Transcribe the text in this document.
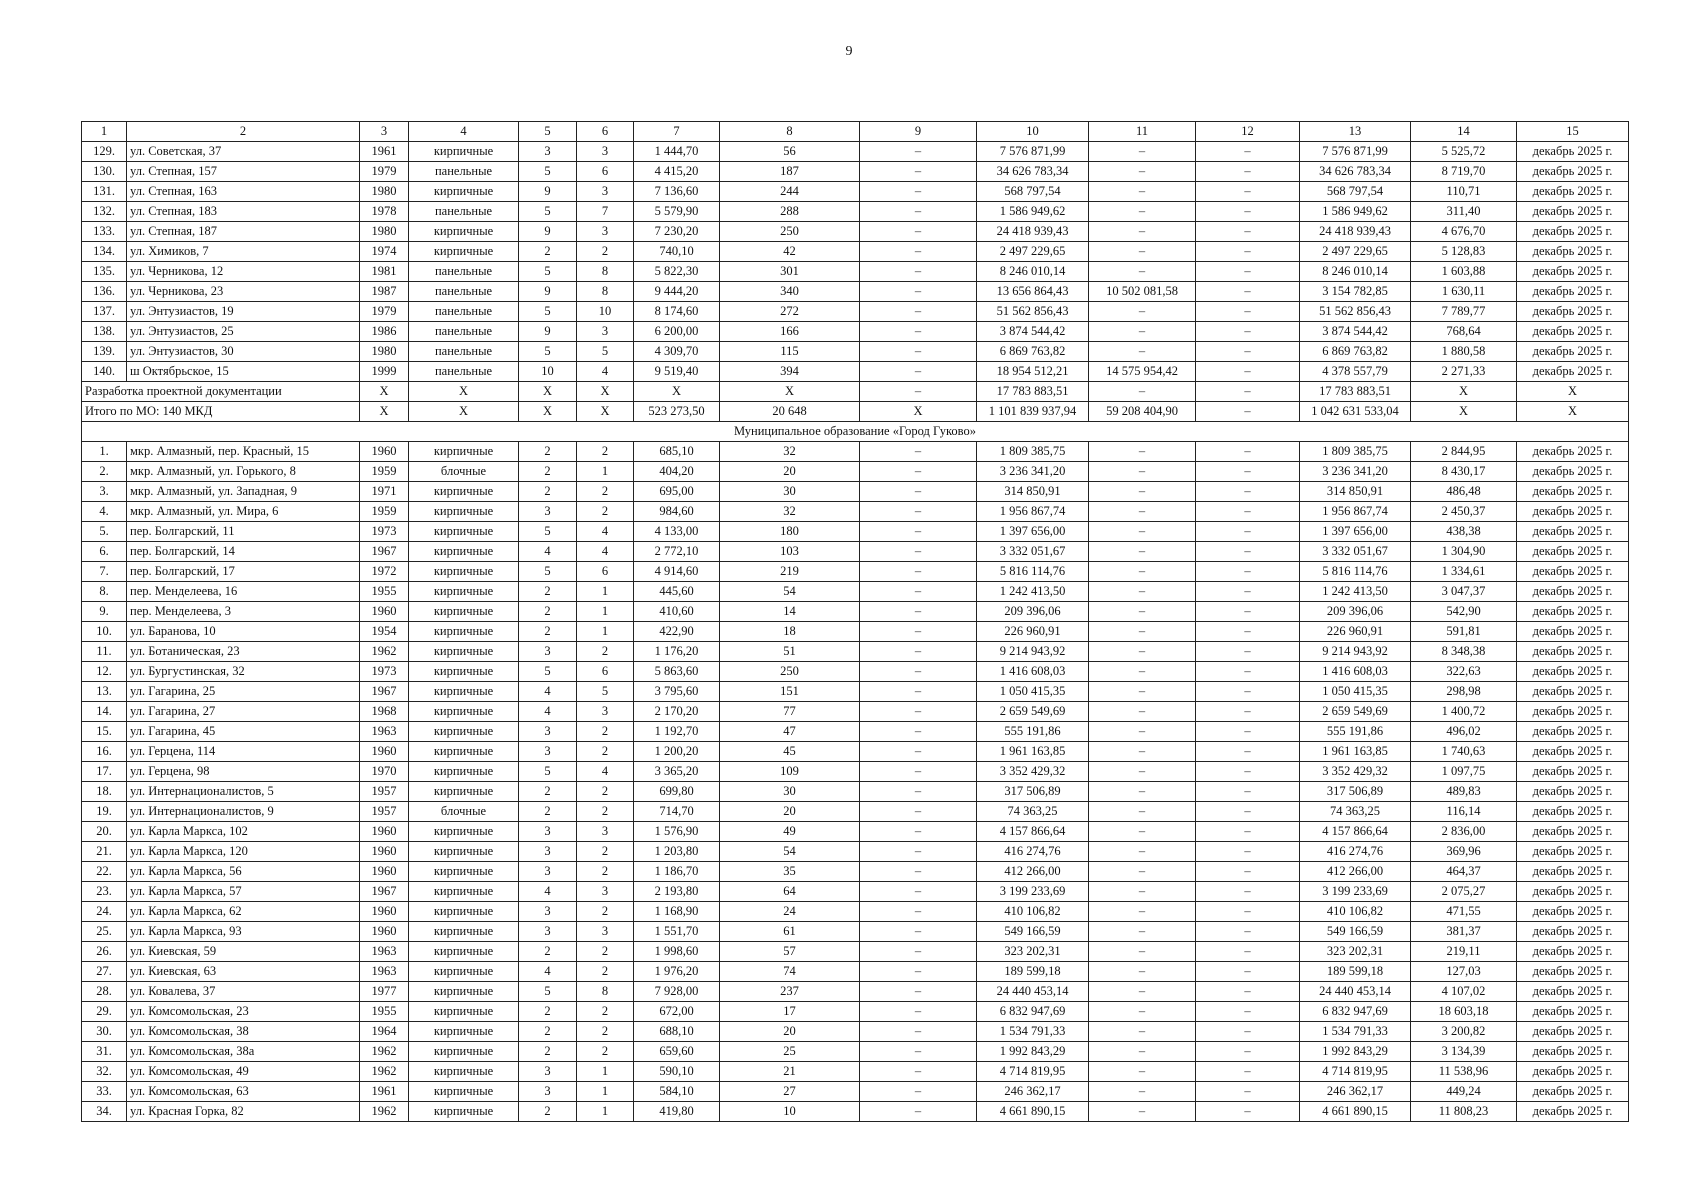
9
1	2	3	4	5	6	7	8	9	10	11	12	13	14	15
129.	ул. Советская, 37	1961	кирпичные	3	3	1 444,70	56	–	7 576 871,99	–	–	7 576 871,99	5 525,72	декабрь 2025 г.
130.	ул. Степная, 157	1979	панельные	5	6	4 415,20	187	–	34 626 783,34	–	–	34 626 783,34	8 719,70	декабрь 2025 г.
131.	ул. Степная, 163	1980	кирпичные	9	3	7 136,60	244	–	568 797,54	–	–	568 797,54	110,71	декабрь 2025 г.
132.	ул. Степная, 183	1978	панельные	5	7	5 579,90	288	–	1 586 949,62	–	–	1 586 949,62	311,40	декабрь 2025 г.
133.	ул. Степная, 187	1980	кирпичные	9	3	7 230,20	250	–	24 418 939,43	–	–	24 418 939,43	4 676,70	декабрь 2025 г.
134.	ул. Химиков, 7	1974	кирпичные	2	2	740,10	42	–	2 497 229,65	–	–	2 497 229,65	5 128,83	декабрь 2025 г.
135.	ул. Черникова, 12	1981	панельные	5	8	5 822,30	301	–	8 246 010,14	–	–	8 246 010,14	1 603,88	декабрь 2025 г.
136.	ул. Черникова, 23	1987	панельные	9	8	9 444,20	340	–	13 656 864,43	10 502 081,58	–	3 154 782,85	1 630,11	декабрь 2025 г.
137.	ул. Энтузиастов, 19	1979	панельные	5	10	8 174,60	272	–	51 562 856,43	–	–	51 562 856,43	7 789,77	декабрь 2025 г.
138.	ул. Энтузиастов, 25	1986	панельные	9	3	6 200,00	166	–	3 874 544,42	–	–	3 874 544,42	768,64	декабрь 2025 г.
139.	ул. Энтузиастов, 30	1980	панельные	5	5	4 309,70	115	–	6 869 763,82	–	–	6 869 763,82	1 880,58	декабрь 2025 г.
140.	ш Октябрьское, 15	1999	панельные	10	4	9 519,40	394	–	18 954 512,21	14 575 954,42	–	4 378 557,79	2 271,33	декабрь 2025 г.
Разработка проектной документации		X	X	X	X	X	X	–	17 783 883,51	–	–	17 783 883,51	X	X
Итого по МО: 140 МКД		X	X	X	X	523 273,50	20 648	X	1 101 839 937,94	59 208 404,90	–	1 042 631 533,04	X	X
Муниципальное образование «Город Гуково»														
1.	мкр. Алмазный, пер. Красный, 15	1960	кирпичные	2	2	685,10	32	–	1 809 385,75	–	–	1 809 385,75	2 844,95	декабрь 2025 г.
2.	мкр. Алмазный, ул. Горького, 8	1959	блочные	2	1	404,20	20	–	3 236 341,20	–	–	3 236 341,20	8 430,17	декабрь 2025 г.
3.	мкр. Алмазный, ул. Западная, 9	1971	кирпичные	2	2	695,00	30	–	314 850,91	–	–	314 850,91	486,48	декабрь 2025 г.
4.	мкр. Алмазный, ул. Мира, 6	1959	кирпичные	3	2	984,60	32	–	1 956 867,74	–	–	1 956 867,74	2 450,37	декабрь 2025 г.
5.	пер. Болгарский, 11	1973	кирпичные	5	4	4 133,00	180	–	1 397 656,00	–	–	1 397 656,00	438,38	декабрь 2025 г.
6.	пер. Болгарский, 14	1967	кирпичные	4	4	2 772,10	103	–	3 332 051,67	–	–	3 332 051,67	1 304,90	декабрь 2025 г.
7.	пер. Болгарский, 17	1972	кирпичные	5	6	4 914,60	219	–	5 816 114,76	–	–	5 816 114,76	1 334,61	декабрь 2025 г.
8.	пер. Менделеева, 16	1955	кирпичные	2	1	445,60	54	–	1 242 413,50	–	–	1 242 413,50	3 047,37	декабрь 2025 г.
9.	пер. Менделеева, 3	1960	кирпичные	2	1	410,60	14	–	209 396,06	–	–	209 396,06	542,90	декабрь 2025 г.
10.	ул. Баранова, 10	1954	кирпичные	2	1	422,90	18	–	226 960,91	–	–	226 960,91	591,81	декабрь 2025 г.
11.	ул. Ботаническая, 23	1962	кирпичные	3	2	1 176,20	51	–	9 214 943,92	–	–	9 214 943,92	8 348,38	декабрь 2025 г.
12.	ул. Бургустинская, 32	1973	кирпичные	5	6	5 863,60	250	–	1 416 608,03	–	–	1 416 608,03	322,63	декабрь 2025 г.
13.	ул. Гагарина, 25	1967	кирпичные	4	5	3 795,60	151	–	1 050 415,35	–	–	1 050 415,35	298,98	декабрь 2025 г.
14.	ул. Гагарина, 27	1968	кирпичные	4	3	2 170,20	77	–	2 659 549,69	–	–	2 659 549,69	1 400,72	декабрь 2025 г.
15.	ул. Гагарина, 45	1963	кирпичные	3	2	1 192,70	47	–	555 191,86	–	–	555 191,86	496,02	декабрь 2025 г.
16.	ул. Герцена, 114	1960	кирпичные	3	2	1 200,20	45	–	1 961 163,85	–	–	1 961 163,85	1 740,63	декабрь 2025 г.
17.	ул. Герцена, 98	1970	кирпичные	5	4	3 365,20	109	–	3 352 429,32	–	–	3 352 429,32	1 097,75	декабрь 2025 г.
18.	ул. Интернационалистов, 5	1957	кирпичные	2	2	699,80	30	–	317 506,89	–	–	317 506,89	489,83	декабрь 2025 г.
19.	ул. Интернационалистов, 9	1957	блочные	2	2	714,70	20	–	74 363,25	–	–	74 363,25	116,14	декабрь 2025 г.
20.	ул. Карла Маркса, 102	1960	кирпичные	3	3	1 576,90	49	–	4 157 866,64	–	–	4 157 866,64	2 836,00	декабрь 2025 г.
21.	ул. Карла Маркса, 120	1960	кирпичные	3	2	1 203,80	54	–	416 274,76	–	–	416 274,76	369,96	декабрь 2025 г.
22.	ул. Карла Маркса, 56	1960	кирпичные	3	2	1 186,70	35	–	412 266,00	–	–	412 266,00	464,37	декабрь 2025 г.
23.	ул. Карла Маркса, 57	1967	кирпичные	4	3	2 193,80	64	–	3 199 233,69	–	–	3 199 233,69	2 075,27	декабрь 2025 г.
24.	ул. Карла Маркса, 62	1960	кирпичные	3	2	1 168,90	24	–	410 106,82	–	–	410 106,82	471,55	декабрь 2025 г.
25.	ул. Карла Маркса, 93	1960	кирпичные	3	3	1 551,70	61	–	549 166,59	–	–	549 166,59	381,37	декабрь 2025 г.
26.	ул. Киевская, 59	1963	кирпичные	2	2	1 998,60	57	–	323 202,31	–	–	323 202,31	219,11	декабрь 2025 г.
27.	ул. Киевская, 63	1963	кирпичные	4	2	1 976,20	74	–	189 599,18	–	–	189 599,18	127,03	декабрь 2025 г.
28.	ул. Ковалева, 37	1977	кирпичные	5	8	7 928,00	237	–	24 440 453,14	–	–	24 440 453,14	4 107,02	декабрь 2025 г.
29.	ул. Комсомольская, 23	1955	кирпичные	2	2	672,00	17	–	6 832 947,69	–	–	6 832 947,69	18 603,18	декабрь 2025 г.
30.	ул. Комсомольская, 38	1964	кирпичные	2	2	688,10	20	–	1 534 791,33	–	–	1 534 791,33	3 200,82	декабрь 2025 г.
31.	ул. Комсомольская, 38а	1962	кирпичные	2	2	659,60	25	–	1 992 843,29	–	–	1 992 843,29	3 134,39	декабрь 2025 г.
32.	ул. Комсомольская, 49	1962	кирпичные	3	1	590,10	21	–	4 714 819,95	–	–	4 714 819,95	11 538,96	декабрь 2025 г.
33.	ул. Комсомольская, 63	1961	кирпичные	3	1	584,10	27	–	246 362,17	–	–	246 362,17	449,24	декабрь 2025 г.
34.	ул. Красная Горка, 82	1962	кирпичные	2	1	419,80	10	–	4 661 890,15	–	–	4 661 890,15	11 808,23	декабрь 2025 г.
